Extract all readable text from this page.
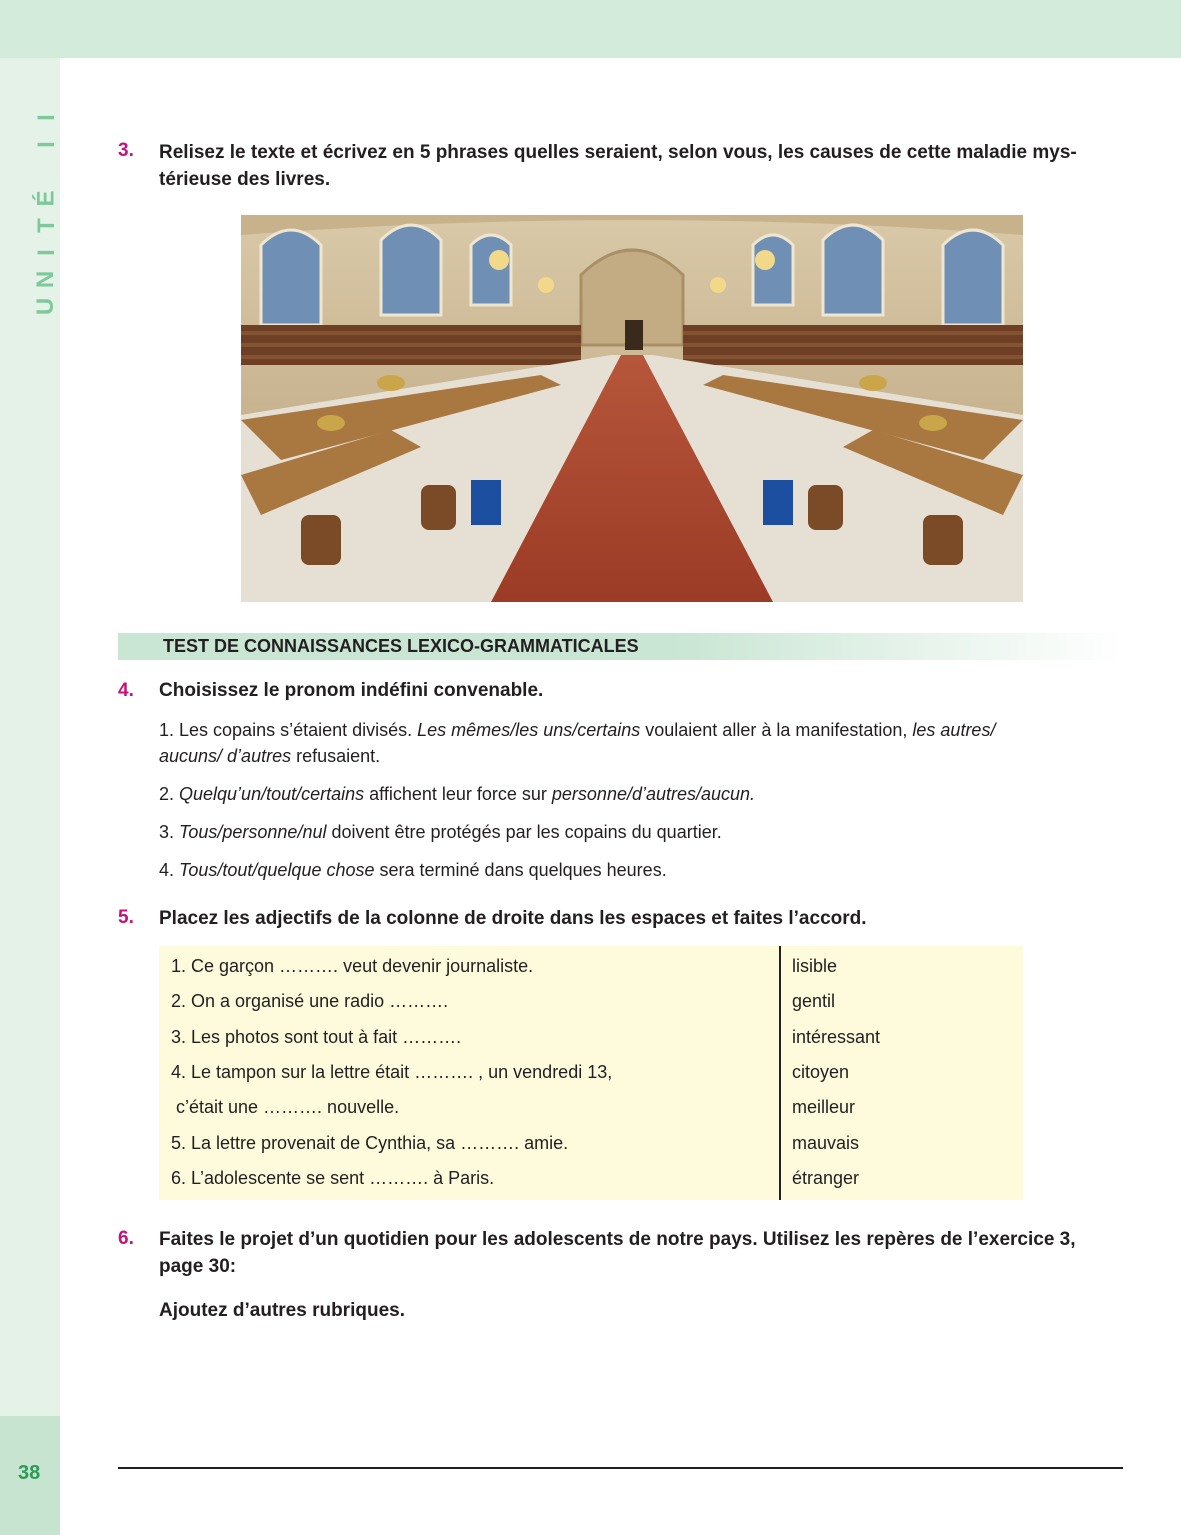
U
N
I
T
É

I
I
38
3. Relisez le texte et écrivez en 5 phrases quelles seraient, selon vous, les causes de cette maladie mys-
térieuse des livres.
TEST DE CONNAISSANCES LEXICO-GRAMMATICALES
4. Choisissez le pronom indéfini convenable.
1. Les copains s’étaient divisés. Les mêmes/les uns/certains voulaient aller à la manifestation, les autres/
aucuns/ d’autres refusaient.
2. Quelqu’un/tout/certains affichent leur force sur personne/d’autres/aucun.
3. Tous/personne/nul doivent être protégés par les copains du quartier.
4. Tous/tout/quelque chose sera terminé dans quelques heures.
5. Placez les adjectifs de la colonne de droite dans les espaces et faites l’accord.
1. Ce garçon ………. veut devenir journaliste.
2. On a organisé une radio ……….
3. Les photos sont tout à fait ……….
4. Le tampon sur la lettre était ………. , un vendredi 13,
c’était une ………. nouvelle.
5. La lettre provenait de Cynthia, sa ………. amie.
6. L’adolescente se sent ………. à Paris.
lisible
gentil
intéressant
citoyen
meilleur
mauvais
étranger
6. Faites le projet d’un quotidien pour les adolescents de notre pays. Utilisez les repères de l’exercice 3,
page 30:
Ajoutez d’autres rubriques.
